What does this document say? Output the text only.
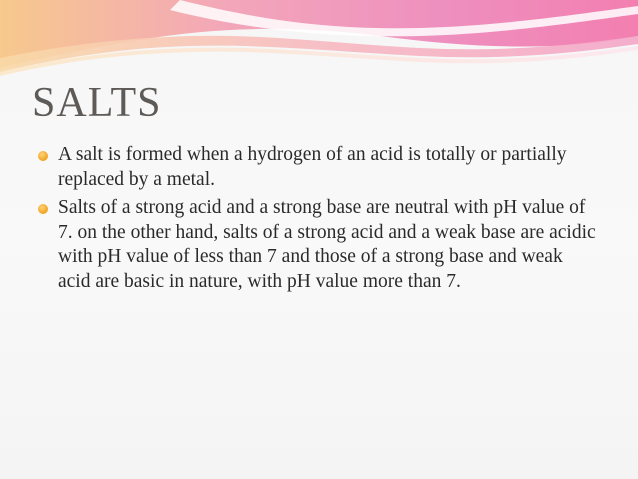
SALTS
A salt is formed when a hydrogen of an acid is totally or partially replaced by a metal.
Salts of a strong acid and a strong base are neutral with pH value of 7. on the other hand, salts of a strong acid and a weak base are acidic with pH value of less than 7 and those of a strong base and weak acid are basic in nature, with pH value more than 7.
